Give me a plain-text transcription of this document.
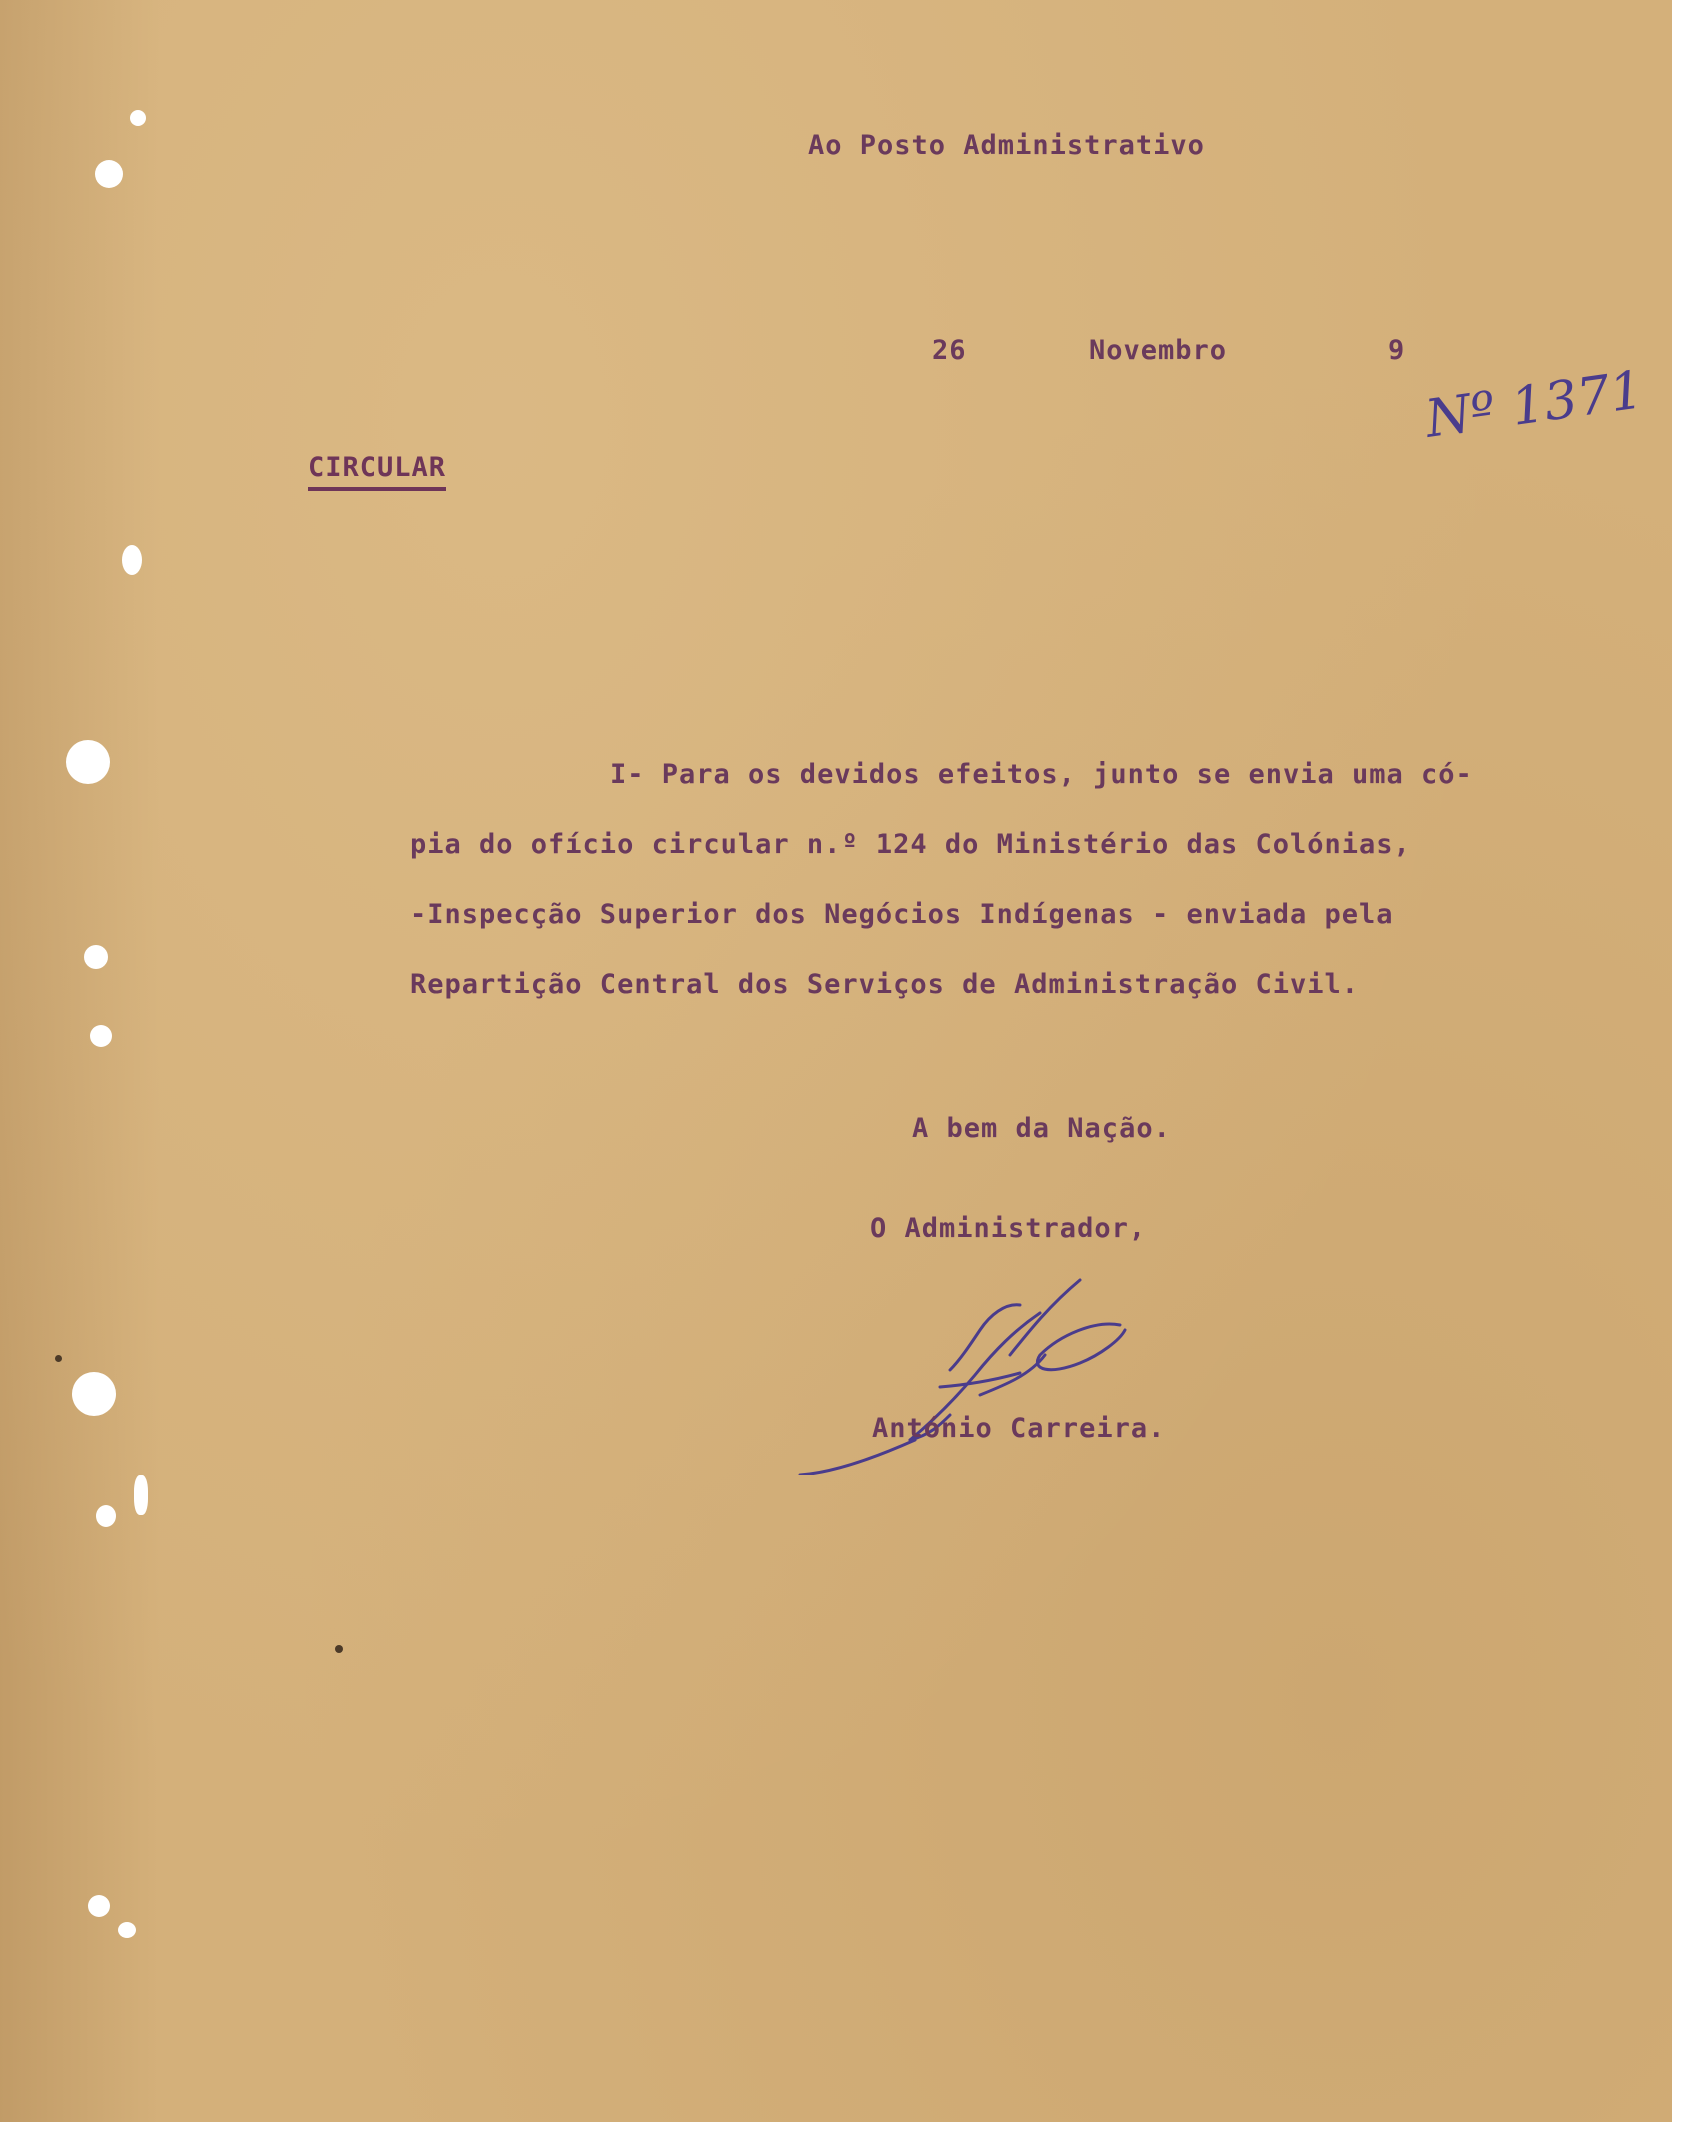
Ao Posto Administrativo

26	Novembro	9

Nº 1371

CIRCULAR

I- Para os devidos efeitos, junto se envia uma có-
pia do ofício circular n.º 124 do Ministério das Colónias,
-Inspecção Superior dos Negócios Indígenas - enviada pela
Repartição Central dos Serviços de Administração Civil.

A bem da Nação.

O Administrador,

António Carreira.
